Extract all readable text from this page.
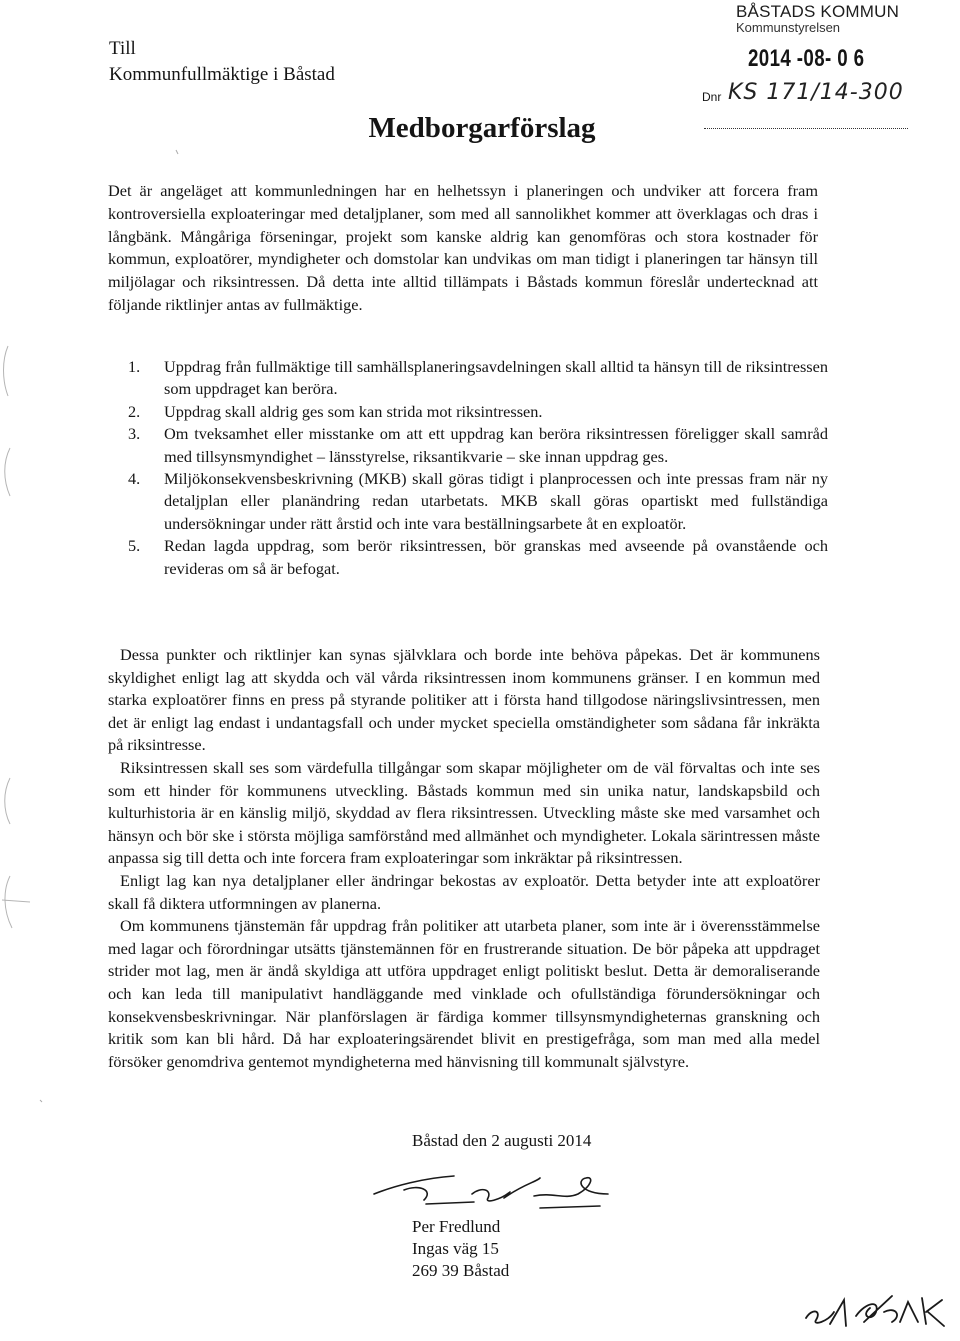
Till
Kommunfullmäktige i Båstad
BÅSTADS KOMMUN
Kommunstyrelsen
2014 -08- 0 6
Dnr KS 171/14-300
Medborgarförslag
Det är angeläget att kommunledningen har en helhetssyn i planeringen och undviker att forcera fram kontroversiella exploateringar med detaljplaner, som med all sannolikhet kommer att överklagas och dras i långbänk. Mångåriga förseningar, projekt som kanske aldrig kan genomföras och stora kostnader för kommun, exploatörer, myndigheter och domstolar kan undvikas om man tidigt i planeringen tar hänsyn till miljölagar och riksintressen. Då detta inte alltid tillämpats i Båstads kommun föreslår undertecknad att följande riktlinjer antas av fullmäktige.
1. Uppdrag från fullmäktige till samhällsplaneringsavdelningen skall alltid ta hänsyn till de riksintressen som uppdraget kan beröra.
2. Uppdrag skall aldrig ges som kan strida mot riksintressen.
3. Om tveksamhet eller misstanke om att ett uppdrag kan beröra riksintressen föreligger skall samråd med tillsynsmyndighet – länsstyrelse, riksantikvarie – ske innan uppdrag ges.
4. Miljökonsekvensbeskrivning (MKB) skall göras tidigt i planprocessen och inte pressas fram när ny detaljplan eller planändring redan utarbetats. MKB skall göras opartiskt med fullständiga undersökningar under rätt årstid och inte vara beställningsarbete åt en exploatör.
5. Redan lagda uppdrag, som berör riksintressen, bör granskas med avseende på ovanstående och revideras om så är befogat.

Dessa punkter och riktlinjer kan synas självklara och borde inte behöva påpekas. Det är kommunens skyldighet enligt lag att skydda och väl vårda riksintressen inom kommunens gränser. I en kommun med starka exploatörer finns en press på styrande politiker att i första hand tillgodose näringslivsintressen, men det är enligt lag endast i undantagsfall och under mycket speciella omständigheter som sådana får inkräkta på riksintresse.

Riksintressen skall ses som värdefulla tillgångar som skapar möjligheter om de väl förvaltas och inte ses som ett hinder för kommunens utveckling. Båstads kommun med sin unika natur, landskapsbild och kulturhistoria är en känslig miljö, skyddad av flera riksintressen. Utveckling måste ske med varsamhet och hänsyn och bör ske i största möjliga samförstånd med allmänhet och myndigheter. Lokala särintressen måste anpassa sig till detta och inte forcera fram exploateringar som inkräktar på riksintressen.

Enligt lag kan nya detaljplaner eller ändringar bekostas av exploatör. Detta betyder inte att exploatörer skall få diktera utformningen av planerna.

Om kommunens tjänstemän får uppdrag från politiker att utarbeta planer, som inte är i överensstämmelse med lagar och förordningar utsätts tjänstemännen för en frustrerande situation. De bör påpeka att uppdraget strider mot lag, men är ändå skyldiga att utföra uppdraget enligt politiskt beslut. Detta är demoraliserande och kan leda till manipulativt handläggande med vinklade och ofullständiga förundersökningar och konsekvensbeskrivningar. När planförslagen är färdiga kommer tillsynsmyndigheternas granskning och kritik som kan bli hård. Då har exploateringsärendet blivit en prestigefråga, som man med alla medel försöker genomdriva gentemot myndigheterna med hänvisning till kommunalt självstyre.

Båstad den 2 augusti 2014
Per Fredlund
Ingas väg 15
269 39 Båstad
